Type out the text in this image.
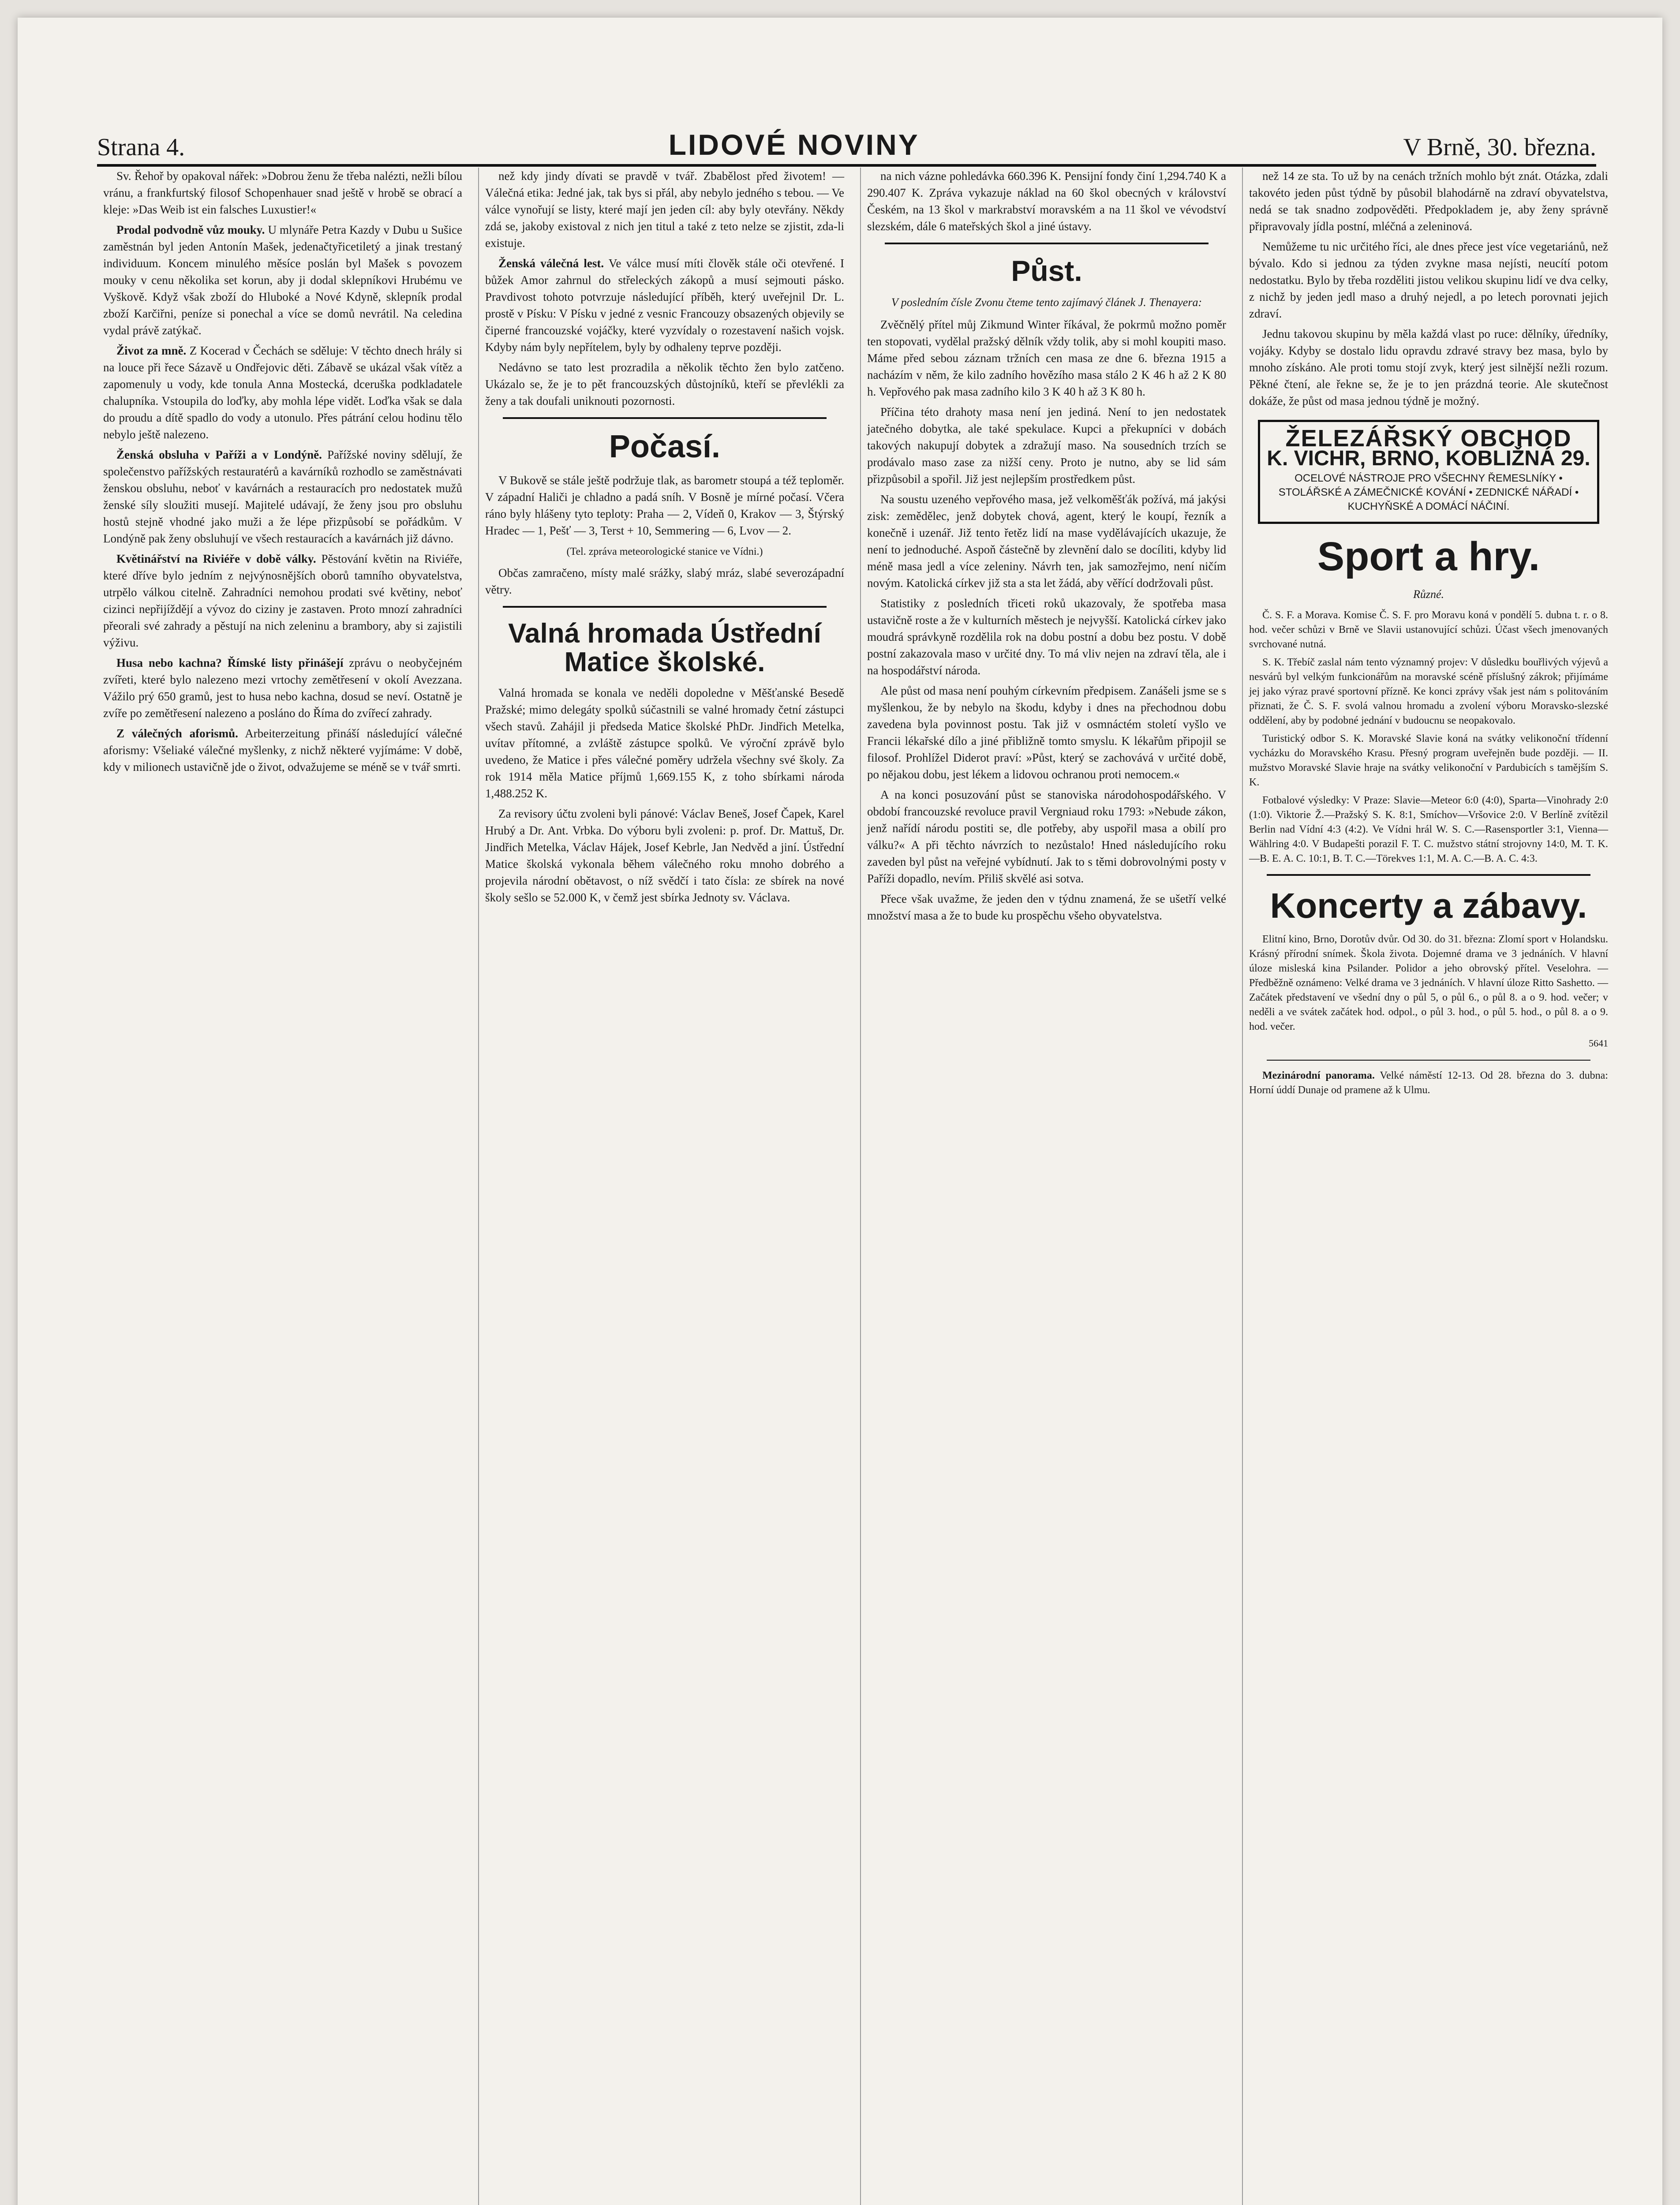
Strana 4.	LIDOVÉ NOVINY	V Brně, 30. března.

Sv. Řehoř by opakoval nářek: »Dobrou ženu že třeba nalézti, nežli bílou vránu, a frankfurtský filosof Schopenhauer snad ještě v hrobě se obrací a kleje: »Das Weib ist ein falsches Luxustier!«

Prodal podvodně vůz mouky. U mlynáře Petra Kazdy v Dubu u Sušice zaměstnán byl jeden Antonín Mašek, jedenačtyřicetiletý a jinak trestaný individuum. Koncem minulého měsíce poslán byl Mašek s povozem mouky v cenu několika set korun, aby ji dodal sklepníkovi Hrubému ve Vyškově. Když však zboží do Hluboké a Nové Kdyně, sklepník prodal zboží Karčiřni, peníze si ponechal a více se domů nevrátil. Na celedina vydal právě zatýkač.

Život za mně. Z Kocerad v Čechách se sděluje: V těchto dnech hrály si na louce při řece Sázavě u Ondřejovic děti. Zábavě se ukázal však vítěz a zapomenuly u vody, kde tonula Anna Mostecká, dceruška podkladatele chalupníka. Vstoupila do loďky, aby mohla lépe vidět. Loďka však se dala do proudu a dítě spadlo do vody a utonulo. Přes pátrání celou hodinu tělo nebylo ještě nalezeno.

Ženská obsluha v Paříži a v Londýně. Pařížské noviny sdělují, že společenstvo pařížských restauratérů a kavárníků rozhodlo se zaměstnávati ženskou obsluhu, neboť v kavárnách a restauracích pro nedostatek mužů ženské síly sloužiti musejí. Majitelé udávají, že ženy jsou pro obsluhu hostů stejně vhodné jako muži a že lépe přizpůsobí se pořádkům. V Londýně pak ženy obsluhují ve všech restauracích a kavárnách již dávno.

Květinářství na Riviéře v době války. Pěstování květin na Riviéře, které dříve bylo jedním z nejvýnosnějších oborů tamního obyvatelstva, utrpělo válkou citelně. Zahradníci nemohou prodati své květiny, neboť cizinci nepřijíždějí a vývoz do ciziny je zastaven. Proto mnozí zahradníci přeorali své zahrady a pěstují na nich zeleninu a brambory, aby si zajistili výživu.

Husa nebo kachna? Římské listy přinášejí zprávu o neobyčejném zvířeti, které bylo nalezeno mezi vrtochy zemětřesení v okolí Avezzana. Vážilo prý 650 gramů, jest to husa nebo kachna, dosud se neví. Ostatně je zvíře po zemětřesení nalezeno a posláno do Říma do zvířecí zahrady.

Z válečných aforismů. Arbeiterzeitung přináší následující válečné aforismy: Všeliaké válečné myšlenky, z nichž některé vyjímáme: V době, kdy v milionech ustavičně jde o život, odvažujeme se méně se v tvář smrti.

než kdy jindy dívati se pravdě v tvář. Zbabělost před životem! — Válečná etika: Jedné jak, tak bys si přál, aby nebylo jedného s tebou. — Ve válce vynořují se listy, které mají jen jeden cíl: aby byly otevřány. Někdy zdá se, jakoby existoval z nich jen titul a také z teto nelze se zjistit, zda-li existuje.

Ženská válečná lest. Ve válce musí míti člověk stále oči otevřené. I bůžek Amor zahrnul do střeleckých zákopů a musí sejmouti pásko. Pravdivost tohoto potvrzuje následující příběh, který uveřejnil Dr. L. prostě v Písku: V Písku v jedné z vesnic Francouzy obsazených objevily se čiperné francouzské vojáčky, které vyzvídaly o rozestavení našich vojsk. Kdyby nám byly nepřítelem, byly by odhaleny teprve později.

Nedávno se tato lest prozradila a několik těchto žen bylo zatčeno. Ukázalo se, že je to pět francouzských důstojníků, kteří se převlékli za ženy a tak doufali uniknouti pozornosti.

Počasí.

V Bukově se stále ještě podržuje tlak, as barometr stoupá a též teploměr. V západní Haliči je chladno a padá sníh. V Bosně je mírné počasí. Včera ráno byly hlášeny tyto teploty: Praha — 2, Vídeň 0, Krakov — 3, Štýrský Hradec — 1, Pešť — 3, Terst + 10, Semmering — 6, Lvov — 2.

(Tel. zpráva meteorologické stanice ve Vídni.)

Občas zamračeno, místy malé srážky, slabý mráz, slabé severozápadní větry.

Valná hromada Ústřední Matice školské.

Valná hromada se konala ve neděli dopoledne v Měšťanské Besedě Pražské; mimo delegáty spolků súčastnili se valné hromady četní zástupci všech stavů. Zahájil ji předseda Matice školské PhDr. Jindřich Metelka, uvítav přítomné, a zvláště zástupce spolků. Ve výroční zprávě bylo uvedeno, že Matice i přes válečné poměry udržela všechny své školy. Za rok 1914 měla Matice příjmů 1,669.155 K, z toho sbírkami národa 1,488.252 K.

Za revisory účtu zvoleni byli pánové: Václav Beneš, Josef Čapek, Karel Hrubý a Dr. Ant. Vrbka. Do výboru byli zvoleni: p. prof. Dr. Mattuš, Dr. Jindřich Metelka, Václav Hájek, Josef Kebrle, Jan Nedvěd a jiní. Ústřední Matice školská vykonala během válečného roku mnoho dobrého a projevila národní obětavost, o níž svědčí i tato čísla: ze sbírek na nové školy sešlo se 52.000 K, v čemž jest sbírka Jednoty sv. Václava.

na nich vázne pohledávka 660.396 K. Pensijní fondy činí 1,294.740 K a 290.407 K. Zpráva vykazuje náklad na 60 škol obecných v království Českém, na 13 škol v markrabství moravském a na 11 škol ve vévodství slezském, dále 6 mateřských škol a jiné ústavy.

Půst.
V posledním čísle Zvonu čteme tento zajímavý článek J. Thenayera:

Zvěčnělý přítel můj Zikmund Winter říkával, že pokrmů možno poměr ten stopovati, vydělal pražský dělník vždy tolik, aby si mohl koupiti maso. Máme před sebou záznam tržních cen masa ze dne 6. března 1915 a nacházím v něm, že kilo zadního hovězího masa stálo 2 K 46 h až 2 K 80 h. Vepřového pak masa zadního kilo 3 K 40 h až 3 K 80 h.

Příčina této drahoty masa není jen jediná. Není to jen nedostatek jatečného dobytka, ale také spekulace. Kupci a překupníci v dobách takových nakupují dobytek a zdražují maso. Na sousedních trzích se prodávalo maso zase za nižší ceny. Proto je nutno, aby se lid sám přizpůsobil a spořil. Již jest nejlepším prostředkem půst.

Na soustu uzeného vepřového masa, jež velkoměšťák požívá, má jakýsi zisk: zemědělec, jenž dobytek chová, agent, který le koupí, řezník a konečně i uzenář. Již tento řetěz lidí na mase vydělávajících ukazuje, že není to jednoduché. Aspoň částečně by zlevnění dalo se docíliti, kdyby lid méně masa jedl a více zeleniny. Návrh ten, jak samozřejmo, není ničím novým. Katolická církev již sta a sta let žádá, aby věřící dodržovali půst.

Statistiky z posledních třiceti roků ukazovaly, že spotřeba masa ustavičně roste a že v kulturních městech je nejvyšší. Katolická církev jako moudrá správkyně rozdělila rok na dobu postní a dobu bez postu. V době postní zakazovala maso v určité dny. To má vliv nejen na zdraví těla, ale i na hospodářství národa.

Ale půst od masa není pouhým církevním předpisem. Zanášeli jsme se s myšlenkou, že by nebylo na škodu, kdyby i dnes na přechodnou dobu zavedena byla povinnost postu. Tak již v osmnáctém století vyšlo ve Francii lékařské dílo a jiné přibližně tomto smyslu. K lékařům připojil se filosof. Prohlížel Diderot praví: »Půst, který se zachovává v určité době, po nějakou dobu, jest lékem a lidovou ochranou proti nemocem.«

A na konci posuzování půst se stanoviska národohospodářského. V období francouzské revoluce pravil Vergniaud roku 1793: »Nebude zákon, jenž nařídí národu postiti se, dle potřeby, aby uspořil masa a obilí pro válku?« A při těchto návrzích to nezůstalo! Hned následujícího roku zaveden byl půst na veřejné vybídnutí. Jak to s těmi dobrovolnými posty v Paříži dopadlo, nevím. Přiliš skvělé asi sotva.

Přece však uvažme, že jeden den v týdnu znamená, že se ušetří velké množství masa a že to bude ku prospěchu všeho obyvatelstva.

než 14 ze sta. To už by na cenách tržních mohlo být znát. Otázka, zdali takovéto jeden půst týdně by působil blahodárně na zdraví obyvatelstva, nedá se tak snadno zodpověděti. Předpokladem je, aby ženy správně připravovaly jídla postní, mléčná a zeleninová.

Nemůžeme tu nic určitého říci, ale dnes přece jest více vegetariánů, než bývalo. Kdo si jednou za týden zvykne masa nejísti, neucítí potom nedostatku. Bylo by třeba rozděliti jistou velikou skupinu lidí ve dva celky, z nichž by jeden jedl maso a druhý nejedl, a po letech porovnati jejich zdraví.

Jednu takovou skupinu by měla každá vlast po ruce: dělníky, úředníky, vojáky. Kdyby se dostalo lidu opravdu zdravé stravy bez masa, bylo by mnoho získáno. Ale proti tomu stojí zvyk, který jest silnější nežli rozum. Pěkné čtení, ale řekne se, že je to jen prázdná teorie. Ale skutečnost dokáže, že půst od masa jednou týdně je možný.

ŽELEZÁŘSKÝ OBCHOD
K. VICHR, BRNO, KOBLIŽNÁ 29.
OCELOVÉ NÁSTROJE PRO VŠECHNY ŘEMESLNÍKY • STOLÁŘSKÉ A ZÁMEČNICKÉ KOVÁNÍ • ZEDNICKÉ NÁŘADÍ • KUCHYŇSKÉ A DOMÁCÍ NÁČINÍ.
Sport a hry.
Různé.

Č. S. F. a Morava. Komise Č. S. F. pro Moravu koná v pondělí 5. dubna t. r. o 8. hod. večer schůzi v Brně ve Slavii ustanovující schůzi. Účast všech jmenovaných svrchované nutná.

S. K. Třebíč zaslal nám tento významný projev: V důsledku bouřlivých výjevů a nesvárů byl velkým funkcionářům na moravské scéně příslušný zákrok; přijímáme jej jako výraz pravé sportovní přízně. Ke konci zprávy však jest nám s politováním přiznati, že Č. S. F. svolá valnou hromadu a zvolení výboru Moravsko-slezské oddělení, aby by podobné jednání v budoucnu se neopakovalo.

Turistický odbor S. K. Moravské Slavie koná na svátky velikonoční třídenní vycházku do Moravského Krasu. Přesný program uveřejněn bude později. — II. mužstvo Moravské Slavie hraje na svátky velikonoční v Pardubicích s tamějším S. K.

Fotbalové výsledky: V Praze: Slavie—Meteor 6:0 (4:0), Sparta—Vinohrady 2:0 (1:0). Viktorie Ž.—Pražský S. K. 8:1, Smíchov—Vršovice 2:0. V Berlíně zvítězil Berlin nad Vídní 4:3 (4:2). Ve Vídni hrál W. S. C.—Rasensportler 3:1, Vienna—Wählring 4:0. V Budapešti porazil F. T. C. mužstvo státní strojovny 14:0, M. T. K.—B. E. A. C. 10:1, B. T. C.—Törekves 1:1, M. A. C.—B. A. C. 4:3.

Koncerty a zábavy.

Elitní kino, Brno, Dorotův dvůr. Od 30. do 31. března: Zlomí sport v Holandsku. Krásný přírodní snímek. Škola života. Dojemné drama ve 3 jednáních. V hlavní úloze misleská kina Psilander. Polidor a jeho obrovský přítel. Veselohra. — Předběžně oznámeno: Velké drama ve 3 jednáních. V hlavní úloze Ritto Sashetto. — Začátek představení ve všední dny o půl 5, o půl 6., o půl 8. a o 9. hod. večer; v neděli a ve svátek začátek hod. odpol., o půl 3. hod., o půl 5. hod., o půl 8. a o 9. hod. večer.

5641

Mezinárodní panorama. Velké náměstí 12-13. Od 28. března do 3. dubna: Horní úddí Dunaje od pramene až k Ulmu.
